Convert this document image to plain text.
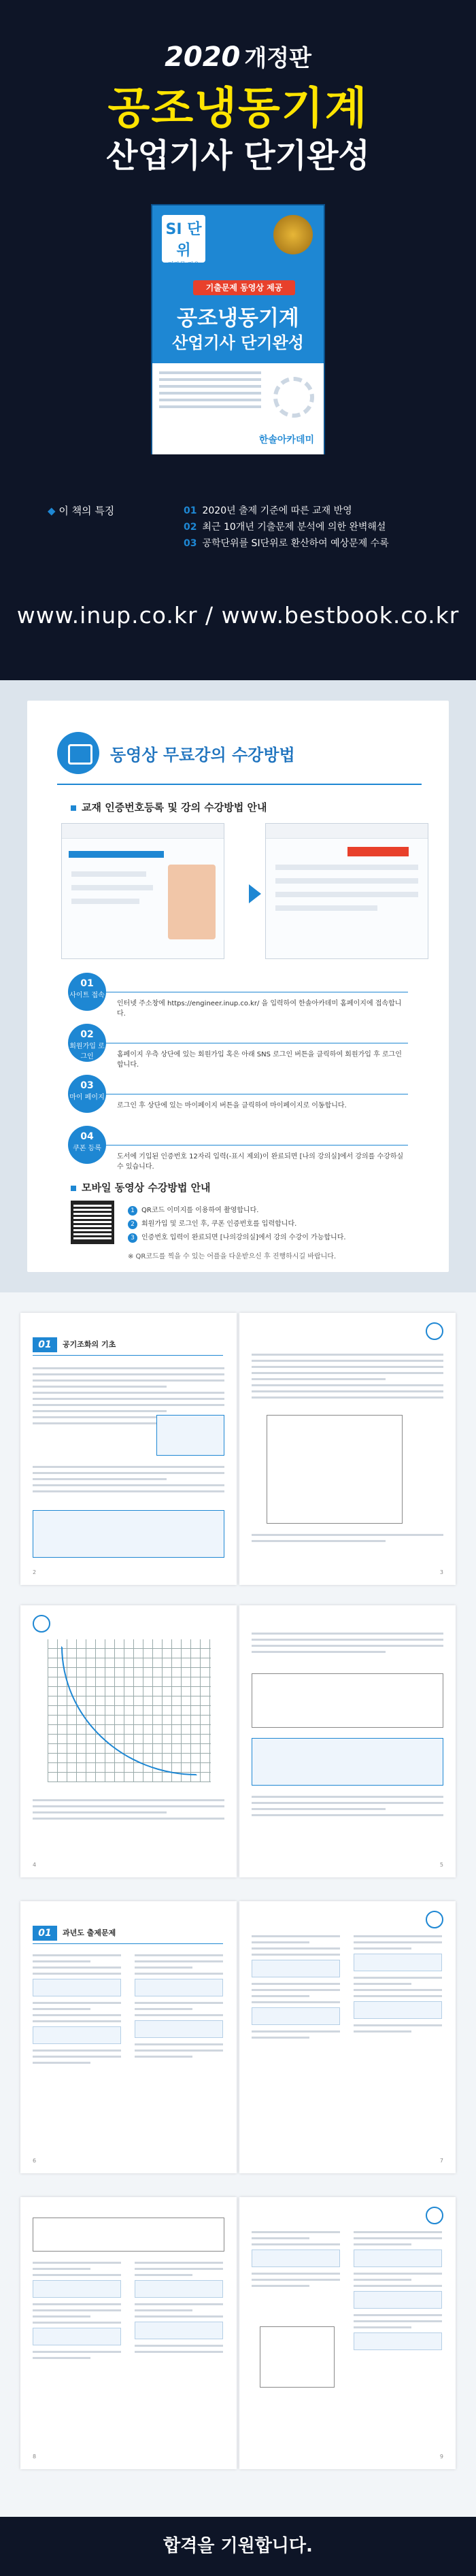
2020 개정판
공조냉동기계
산업기사 단기완성
SI 단위
전과목 적용
기출문제 동영상 제공
공조냉동기계
산업기사 단기완성
한솔아카데미
◆ 이 책의 특징	01 2020년 출제 기준에 따른 교재 반영
02 최근 10개년 기출문제 분석에 의한 완벽해설
03 공학단위를 SI단위로 환산하여 예상문제 수록
www.inup.co.kr / www.bestbook.co.kr
동영상 무료강의 수강방법
교재 인증번호등록 및 강의 수강방법 안내
01
사이트 접속
인터넷 주소창에 https://engineer.inup.co.kr/ 을 입력하여 한솔아카데미 홈페이지에 접속합니다.
02
회원가입 로그인	홈페이지 우측 상단에 있는 회원가입 혹은 아래 SNS 로그인 버튼을 클릭하여 회원가입 후 로그인합니다.
03
마이 페이지
로그인 후 상단에 있는 마이페이지 버튼을 클릭하여 마이페이지로 이동합니다.
04
쿠폰 등록
도서에 기입된 인증번호 12자리 입력(-표시 제외)이 완료되면 [나의 강의실]에서 강의를 수강하실 수 있습니다.
모바일 동영상 수강방법 안내
1 QR코드 이미지를 이용하여 촬영합니다.
2 회원가입 및 로그인 후, 쿠폰 인증번호를 입력합니다.
3 인증번호 입력이 완료되면 [나의강의실]에서 강의 수강이 가능합니다.
※ QR코드를 찍을 수 있는 어플을 다운받으신 후 진행하시길 바랍니다.
01	공기조화의 기초
2	3
4	5
01	과년도 출제문제
6	7
8	9
합격을 기원합니다.
